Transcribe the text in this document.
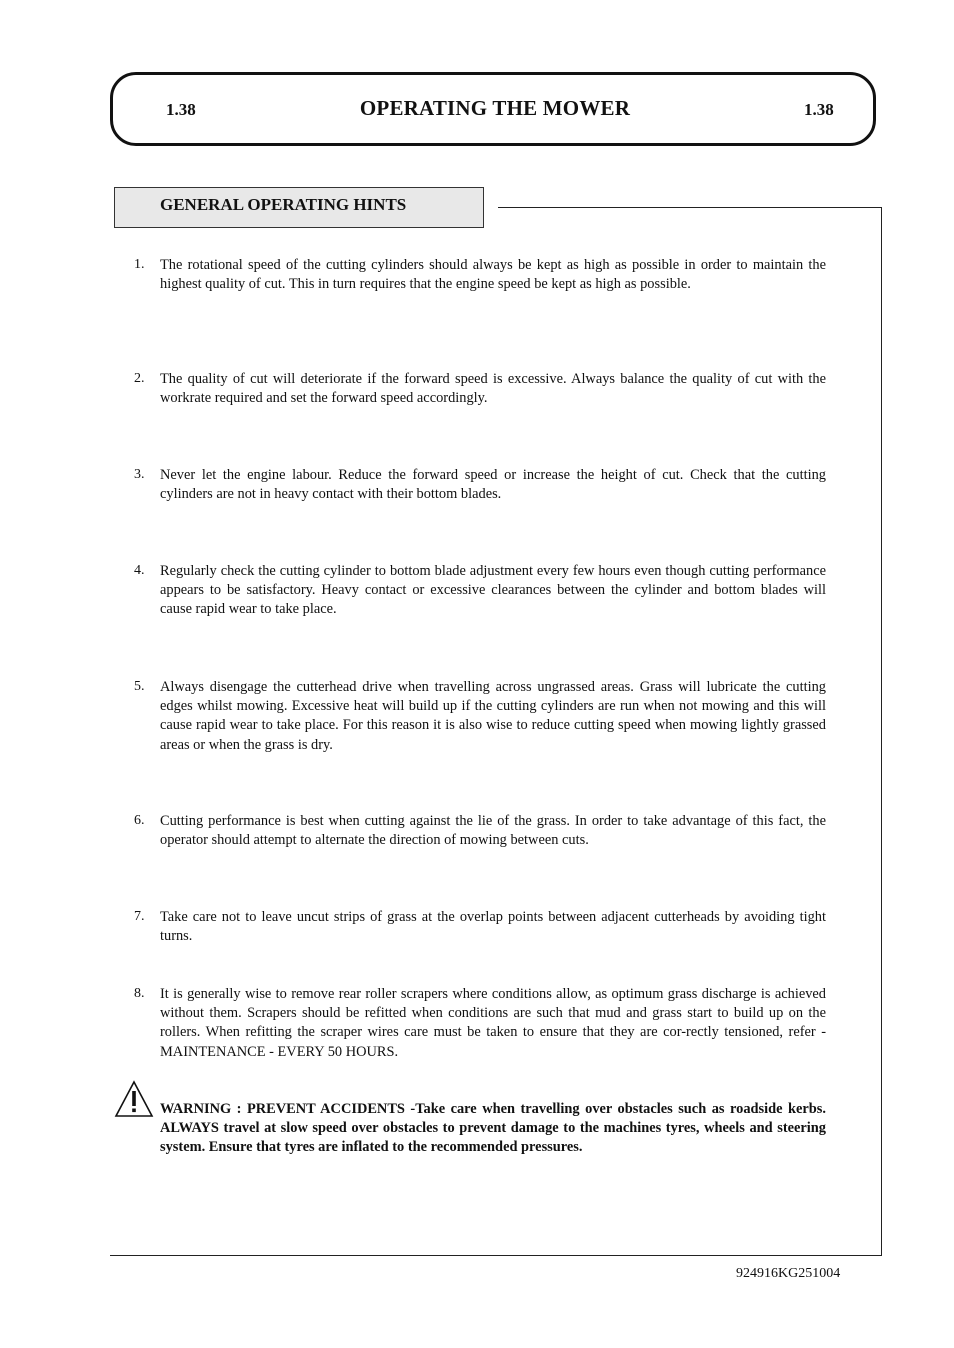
1.38	OPERATING THE MOWER	1.38
GENERAL OPERATING HINTS
1. The rotational speed of the cutting cylinders should always be kept as high as possible in order to maintain the highest quality of cut. This in turn requires that the engine speed be kept as high as possible.

2. The quality of cut will deteriorate if the forward speed is excessive. Always balance the quality of cut with the workrate required and set the forward speed accordingly.

3. Never let the engine labour. Reduce the forward speed or increase the height of cut. Check that the cutting cylinders are not in heavy contact with their bottom blades.

4. Regularly check the cutting cylinder to bottom blade adjustment every few hours even though cutting performance appears to be satisfactory. Heavy contact or excessive clearances between the cylinder and bottom blades will cause rapid wear to take place.

5. Always disengage the cutterhead drive when travelling across ungrassed areas. Grass will lubricate the cutting edges whilst mowing. Excessive heat will build up if the cutting cylinders are run when not mowing and this will cause rapid wear to take place. For this reason it is also wise to reduce cutting speed when mowing lightly grassed areas or when the grass is dry.

6. Cutting performance is best when cutting against the lie of the grass. In order to take advantage of this fact, the operator should attempt to alternate the direction of mowing between cuts.

7. Take care not to leave uncut strips of grass at the overlap points between adjacent cutterheads by avoiding tight turns.

8. It is generally wise to remove rear roller scrapers where conditions allow, as optimum grass discharge is achieved without them. Scrapers should be refitted when conditions are such that mud and grass start to build up on the rollers. When refitting the scraper wires care must be taken to ensure that they are cor-rectly tensioned, refer - MAINTENANCE - EVERY 50 HOURS.

WARNING : PREVENT ACCIDENTS -Take care when travelling over obstacles such as roadside kerbs. ALWAYS travel at slow speed over obstacles to prevent damage to the machines tyres, wheels and steering system. Ensure that tyres are inflated to the recommended pressures.

924916KG251004
